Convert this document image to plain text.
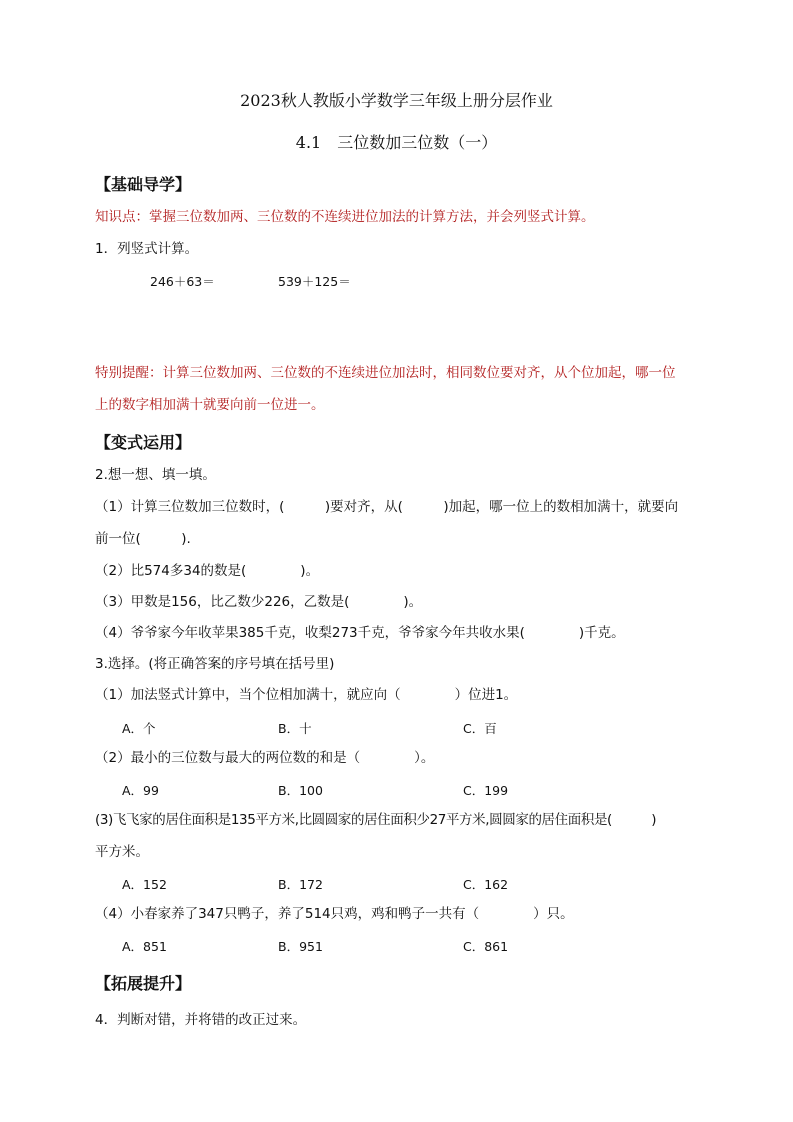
2023秋人教版小学数学三年级上册分层作业
4.1　三位数加三位数（一）
【基础导学】
知识点：掌握三位数加两、三位数的不连续进位加法的计算方法，并会列竖式计算。
1．列竖式计算。
246＋63＝	539＋125＝
特别提醒：计算三位数加两、三位数的不连续进位加法时，相同数位要对齐，从个位加起，哪一位
上的数字相加满十就要向前一位进一。
【变式运用】
2.想一想、填一填。
（1）计算三位数加三位数时，(　　　)要对齐，从(　　　)加起，哪一位上的数相加满十，就要向
前一位(　　　).
（2）比574多34的数是(　　　　)。
（3）甲数是156，比乙数少226，乙数是(　　　　)。
（4）爷爷家今年收苹果385千克，收梨273千克，爷爷家今年共收水果(　　　　)千克。
3.选择。(将正确答案的序号填在括号里)
（1）加法竖式计算中，当个位相加满十，就应向（　　　　）位进1。
A．个	B．十	C．百
（2）最小的三位数与最大的两位数的和是（　　　　）。
A．99	B．100	C．199
(3)飞飞家的居住面积是135平方米,比圆圆家的居住面积少27平方米,圆圆家的居住面积是(　　　)
平方米。
A．152	B．172	C．162
（4）小春家养了347只鸭子，养了514只鸡，鸡和鸭子一共有（　　　　）只。
A．851	B．951	C．861
【拓展提升】
4．判断对错，并将错的改正过来。
